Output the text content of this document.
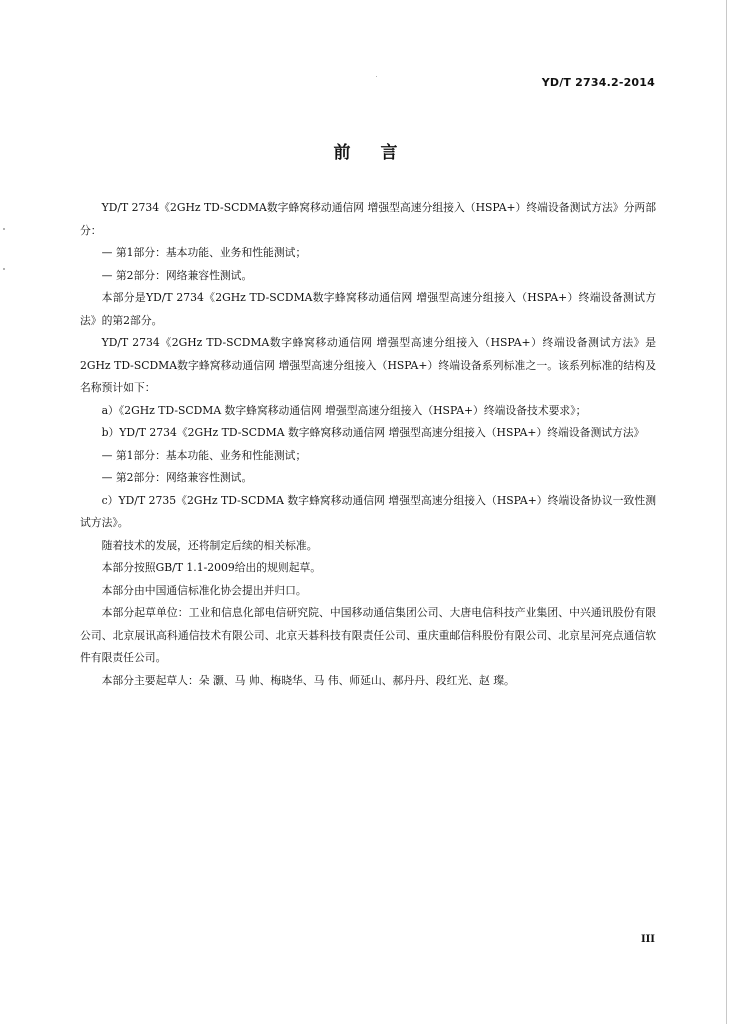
YD/T 2734.2-2014
前言

YD/T 2734《2GHz TD-SCDMA数字蜂窝移动通信网 增强型高速分组接入（HSPA+）终端设备测试方法》分两部分：

— 第1部分：基本功能、业务和性能测试；

— 第2部分：网络兼容性测试。

本部分是YD/T 2734《2GHz TD-SCDMA数字蜂窝移动通信网 增强型高速分组接入（HSPA+）终端设备测试方法》的第2部分。

YD/T 2734《2GHz TD-SCDMA数字蜂窝移动通信网 增强型高速分组接入（HSPA+）终端设备测试方法》是2GHz TD-SCDMA数字蜂窝移动通信网 增强型高速分组接入（HSPA+）终端设备系列标准之一。该系列标准的结构及名称预计如下：

a）《2GHz TD-SCDMA 数字蜂窝移动通信网 增强型高速分组接入（HSPA+）终端设备技术要求》；

b）YD/T 2734《2GHz TD-SCDMA 数字蜂窝移动通信网 增强型高速分组接入（HSPA+）终端设备测试方法》

— 第1部分：基本功能、业务和性能测试；

— 第2部分：网络兼容性测试。

c）YD/T 2735《2GHz TD-SCDMA 数字蜂窝移动通信网 增强型高速分组接入（HSPA+）终端设备协议一致性测试方法》。

随着技术的发展，还将制定后续的相关标准。

本部分按照GB/T 1.1-2009给出的规则起草。

本部分由中国通信标准化协会提出并归口。

本部分起草单位：工业和信息化部电信研究院、中国移动通信集团公司、大唐电信科技产业集团、中兴通讯股份有限公司、北京展讯高科通信技术有限公司、北京天碁科技有限责任公司、重庆重邮信科股份有限公司、北京星河亮点通信软件有限责任公司。

本部分主要起草人：朵 灏、马 帅、梅晓华、马 伟、师延山、郝丹丹、段红光、赵 璨。

III
